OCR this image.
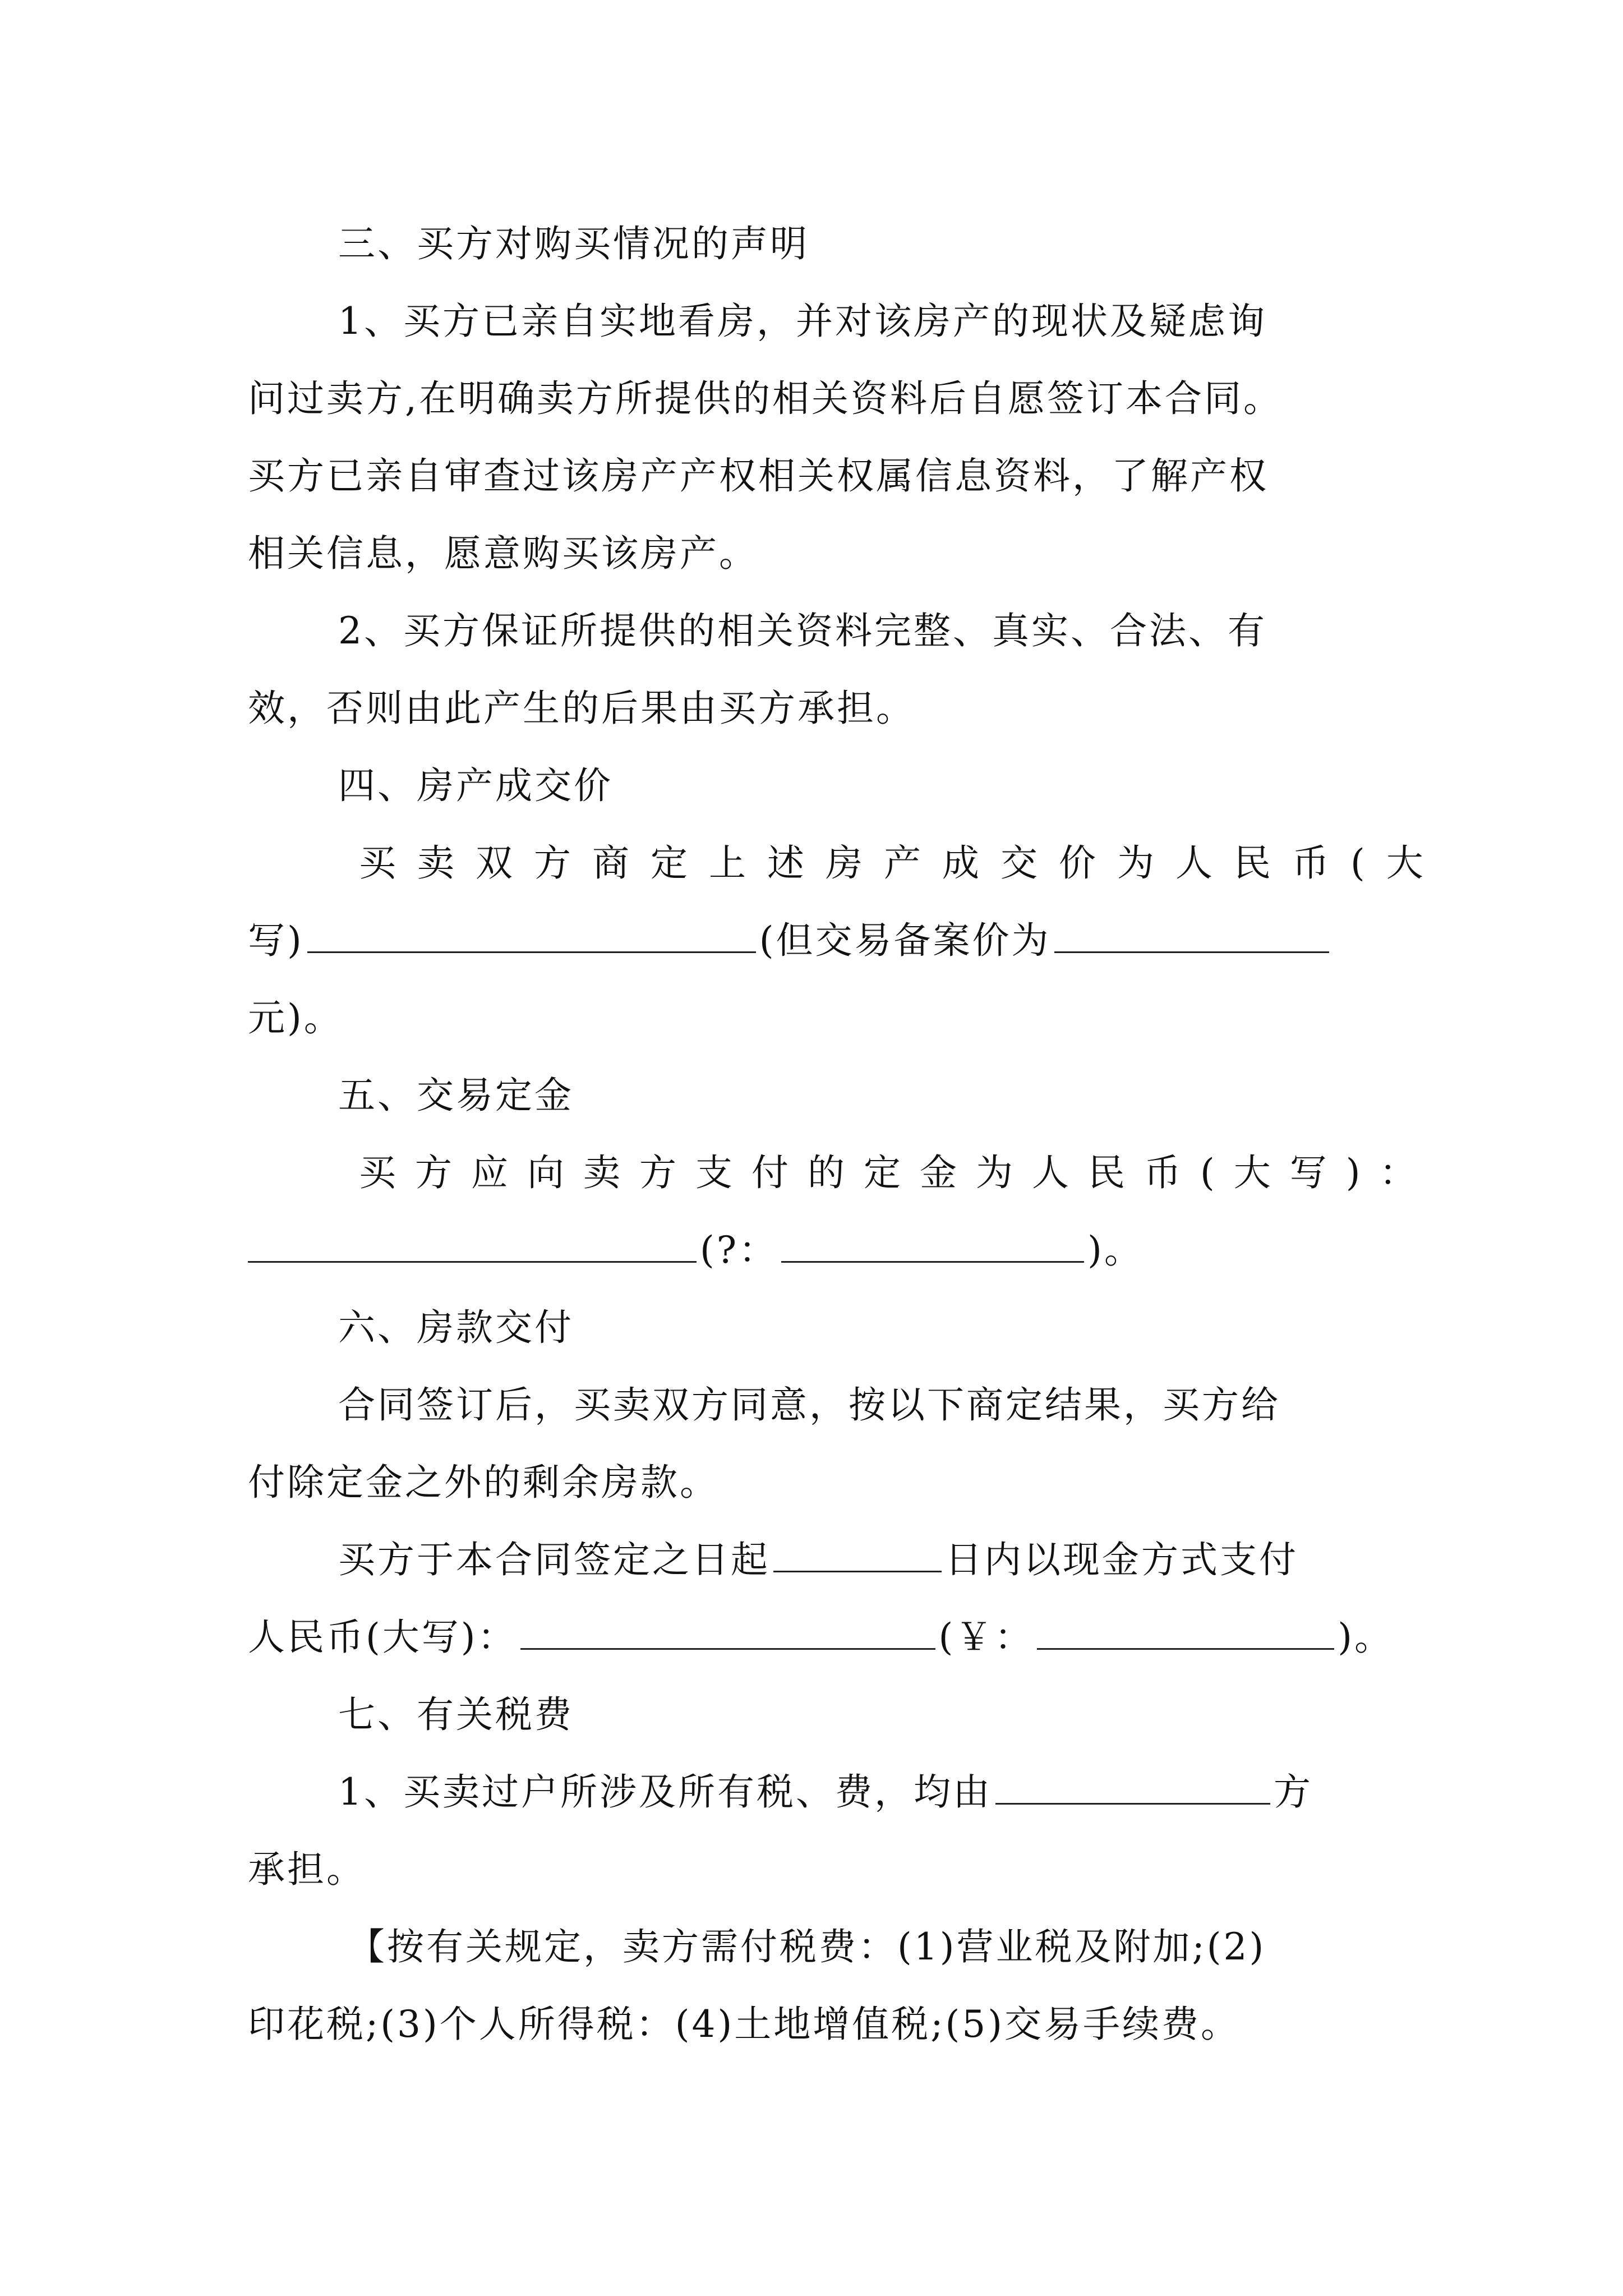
三、买方对购买情况的声明
1、买方已亲自实地看房，并对该房产的现状及疑虑询
问过卖方,在明确卖方所提供的相关资料后自愿签订本合同。
买方已亲自审查过该房产产权相关权属信息资料，了解产权
相关信息，愿意购买该房产。
2、买方保证所提供的相关资料完整、真实、合法、有
效，否则由此产生的后果由买方承担。
四、房产成交价
买卖双方商定上述房产成交价为人民币(大
写)	(但交易备案价为
元)。
五、交易定金
买方应向卖方支付的定金为人民币(大写)：
(?：	)。
六、房款交付
合同签订后，买卖双方同意，按以下商定结果，买方给
付除定金之外的剩余房款。
买方于本合同签定之日起	日内以现金方式支付
人民币(大写)：	(￥：	)。
七、有关税费
1、买卖过户所涉及所有税、费，均由	方
承担。
【按有关规定，卖方需付税费：(1)营业税及附加;(2)
印花税;(3)个人所得税：(4)土地增值税;(5)交易手续费。
